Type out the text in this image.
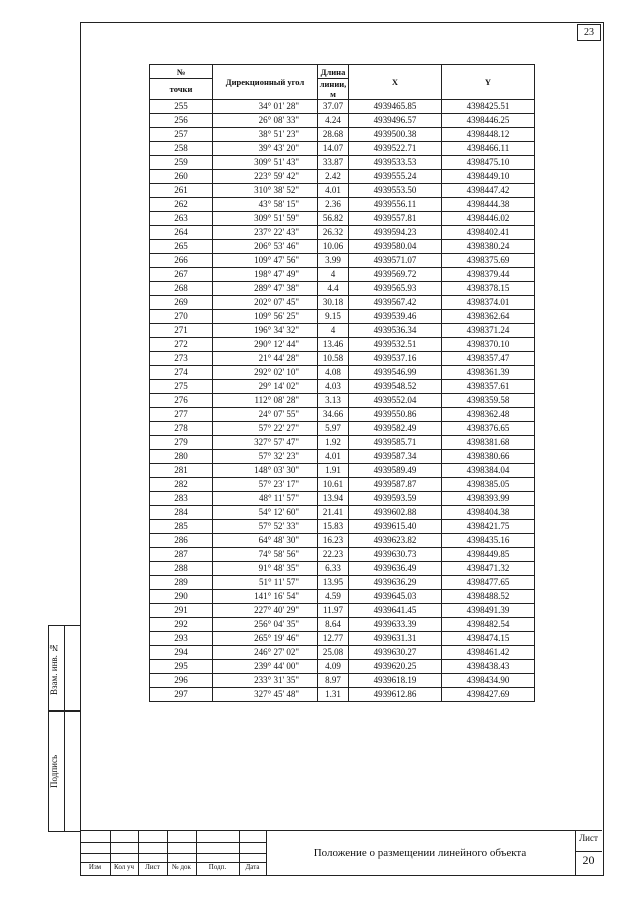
23
№	Дирекционный угол	Длина	X	Y
точки		линии, м		
255	34° 01' 28"	37.07	4939465.85	4398425.51
256	26° 08' 33"	4.24	4939496.57	4398446.25
257	38° 51' 23"	28.68	4939500.38	4398448.12
258	39° 43' 20"	14.07	4939522.71	4398466.11
259	309° 51' 43"	33.87	4939533.53	4398475.10
260	223° 59' 42"	2.42	4939555.24	4398449.10
261	310° 38' 52"	4.01	4939553.50	4398447.42
262	43° 58' 15"	2.36	4939556.11	4398444.38
263	309° 51' 59"	56.82	4939557.81	4398446.02
264	237° 22' 43"	26.32	4939594.23	4398402.41
265	206° 53' 46"	10.06	4939580.04	4398380.24
266	109° 47' 56"	3.99	4939571.07	4398375.69
267	198° 47' 49"	4	4939569.72	4398379.44
268	289° 47' 38"	4.4	4939565.93	4398378.15
269	202° 07' 45"	30.18	4939567.42	4398374.01
270	109° 56' 25"	9.15	4939539.46	4398362.64
271	196° 34' 32"	4	4939536.34	4398371.24
272	290° 12' 44"	13.46	4939532.51	4398370.10
273	21° 44' 28"	10.58	4939537.16	4398357.47
274	292° 02' 10"	4.08	4939546.99	4398361.39
275	29° 14' 02"	4.03	4939548.52	4398357.61
276	112° 08' 28"	3.13	4939552.04	4398359.58
277	24° 07' 55"	34.66	4939550.86	4398362.48
278	57° 22' 27"	5.97	4939582.49	4398376.65
279	327° 57' 47"	1.92	4939585.71	4398381.68
280	57° 32' 23"	4.01	4939587.34	4398380.66
281	148° 03' 30"	1.91	4939589.49	4398384.04
282	57° 23' 17"	10.61	4939587.87	4398385.05
283	48° 11' 57"	13.94	4939593.59	4398393.99
284	54° 12' 60"	21.41	4939602.88	4398404.38
285	57° 52' 33"	15.83	4939615.40	4398421.75
286	64° 48' 30"	16.23	4939623.82	4398435.16
287	74° 58' 56"	22.23	4939630.73	4398449.85
288	91° 48' 35"	6.33	4939636.49	4398471.32
289	51° 11' 57"	13.95	4939636.29	4398477.65
290	141° 16' 54"	4.59	4939645.03	4398488.52
291	227° 40' 29"	11.97	4939641.45	4398491.39
292	256° 04' 35"	8.64	4939633.39	4398482.54
293	265° 19' 46"	12.77	4939631.31	4398474.15
294	246° 27' 02"	25.08	4939630.27	4398461.42
295	239° 44' 00"	4.09	4939620.25	4398438.43
296	233° 31' 35"	8.97	4939618.19	4398434.90
297	327° 45' 48"	1.31	4939612.86	4398427.69
Взам. инв. №
Подпись
Изм	Кол уч	Лист	№ док	Подп.	Дата
Положение о размещении линейного объекта
Лист
20
